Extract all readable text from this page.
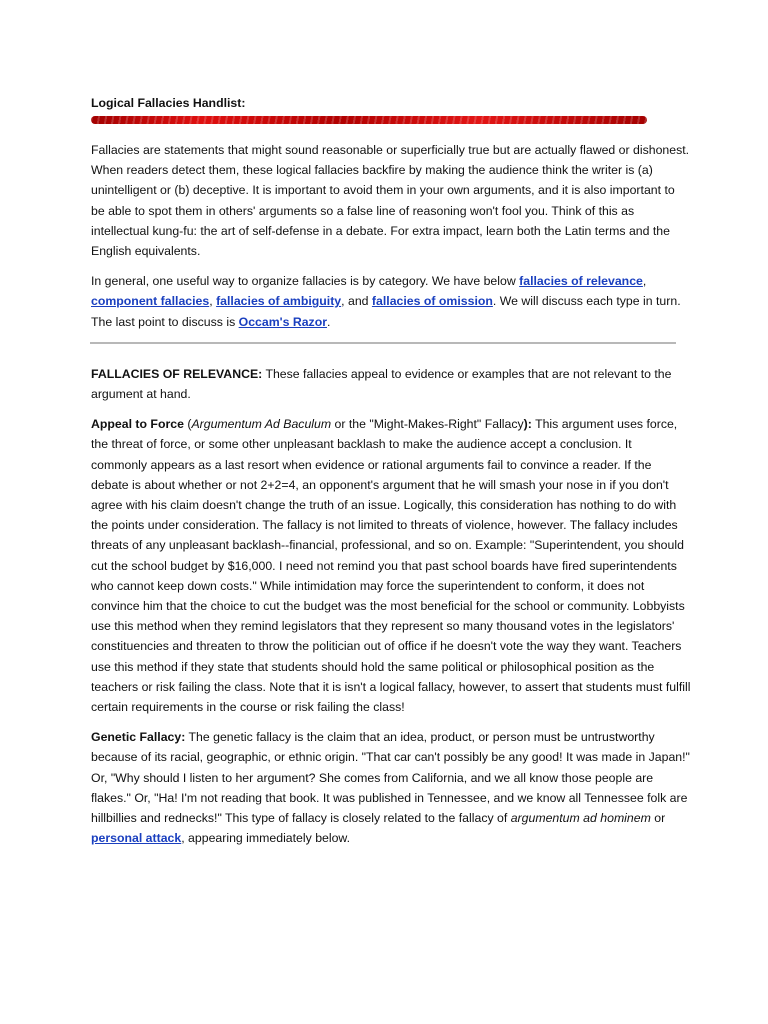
Logical Fallacies Handlist:

Fallacies are statements that might sound reasonable or superficially true but are actually flawed or dishonest. When readers detect them, these logical fallacies backfire by making the audience think the writer is (a) unintelligent or (b) deceptive. It is important to avoid them in your own arguments, and it is also important to be able to spot them in others' arguments so a false line of reasoning won't fool you. Think of this as intellectual kung-fu: the art of self-defense in a debate. For extra impact, learn both the Latin terms and the English equivalents.

In general, one useful way to organize fallacies is by category. We have below fallacies of relevance, component fallacies, fallacies of ambiguity, and fallacies of omission. We will discuss each type in turn. The last point to discuss is Occam's Razor.

FALLACIES OF RELEVANCE: These fallacies appeal to evidence or examples that are not relevant to the argument at hand.

Appeal to Force (Argumentum Ad Baculum or the "Might-Makes-Right" Fallacy): This argument uses force, the threat of force, or some other unpleasant backlash to make the audience accept a conclusion. It commonly appears as a last resort when evidence or rational arguments fail to convince a reader. If the debate is about whether or not 2+2=4, an opponent's argument that he will smash your nose in if you don't agree with his claim doesn't change the truth of an issue. Logically, this consideration has nothing to do with the points under consideration. The fallacy is not limited to threats of violence, however. The fallacy includes threats of any unpleasant backlash--financial, professional, and so on. Example: "Superintendent, you should cut the school budget by $16,000. I need not remind you that past school boards have fired superintendents who cannot keep down costs." While intimidation may force the superintendent to conform, it does not convince him that the choice to cut the budget was the most beneficial for the school or community. Lobbyists use this method when they remind legislators that they represent so many thousand votes in the legislators' constituencies and threaten to throw the politician out of office if he doesn't vote the way they want. Teachers use this method if they state that students should hold the same political or philosophical position as the teachers or risk failing the class. Note that it is isn't a logical fallacy, however, to assert that students must fulfill certain requirements in the course or risk failing the class!

Genetic Fallacy: The genetic fallacy is the claim that an idea, product, or person must be untrustworthy because of its racial, geographic, or ethnic origin. "That car can't possibly be any good! It was made in Japan!" Or, "Why should I listen to her argument? She comes from California, and we all know those people are flakes." Or, "Ha! I'm not reading that book. It was published in Tennessee, and we know all Tennessee folk are hillbillies and rednecks!" This type of fallacy is closely related to the fallacy of argumentum ad hominem or personal attack, appearing immediately below.
